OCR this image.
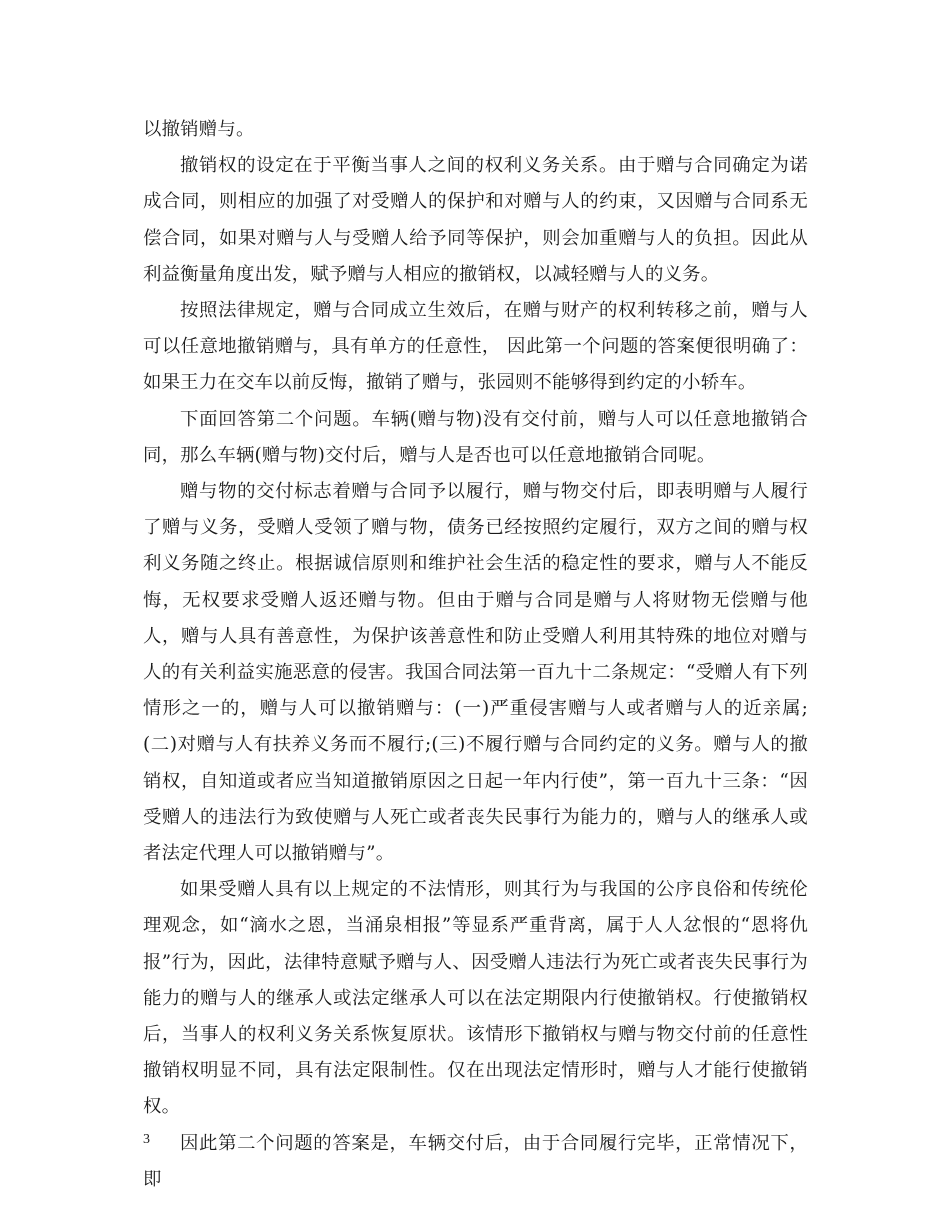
以撤销赠与。

撤销权的设定在于平衡当事人之间的权利义务关系。由于赠与合同确定为诺成合同，则相应的加强了对受赠人的保护和对赠与人的约束，又因赠与合同系无偿合同，如果对赠与人与受赠人给予同等保护，则会加重赠与人的负担。因此从利益衡量角度出发，赋予赠与人相应的撤销权，以减轻赠与人的义务。

按照法律规定，赠与合同成立生效后，在赠与财产的权利转移之前，赠与人可以任意地撤销赠与，具有单方的任意性， 因此第一个问题的答案便很明确了：如果王力在交车以前反悔，撤销了赠与，张园则不能够得到约定的小轿车。

下面回答第二个问题。车辆(赠与物)没有交付前，赠与人可以任意地撤销合同，那么车辆(赠与物)交付后，赠与人是否也可以任意地撤销合同呢。

赠与物的交付标志着赠与合同予以履行，赠与物交付后，即表明赠与人履行了赠与义务，受赠人受领了赠与物，债务已经按照约定履行，双方之间的赠与权利义务随之终止。根据诚信原则和维护社会生活的稳定性的要求，赠与人不能反悔，无权要求受赠人返还赠与物。但由于赠与合同是赠与人将财物无偿赠与他人，赠与人具有善意性，为保护该善意性和防止受赠人利用其特殊的地位对赠与人的有关利益实施恶意的侵害。我国合同法第一百九十二条规定：“受赠人有下列情形之一的，赠与人可以撤销赠与：(一)严重侵害赠与人或者赠与人的近亲属;(二)对赠与人有扶养义务而不履行;(三)不履行赠与合同约定的义务。赠与人的撤销权，自知道或者应当知道撤销原因之日起一年内行使”，第一百九十三条：“因受赠人的违法行为致使赠与人死亡或者丧失民事行为能力的，赠与人的继承人或者法定代理人可以撤销赠与”。

如果受赠人具有以上规定的不法情形，则其行为与我国的公序良俗和传统伦理观念，如“滴水之恩，当涌泉相报”等显系严重背离，属于人人忿恨的“恩将仇报”行为，因此，法律特意赋予赠与人、因受赠人违法行为死亡或者丧失民事行为能力的赠与人的继承人或法定继承人可以在法定期限内行使撤销权。行使撤销权后，当事人的权利义务关系恢复原状。该情形下撤销权与赠与物交付前的任意性撤销权明显不同，具有法定限制性。仅在出现法定情形时，赠与人才能行使撤销权。

因此第二个问题的答案是，车辆交付后，由于合同履行完毕，正常情况下，即

3
